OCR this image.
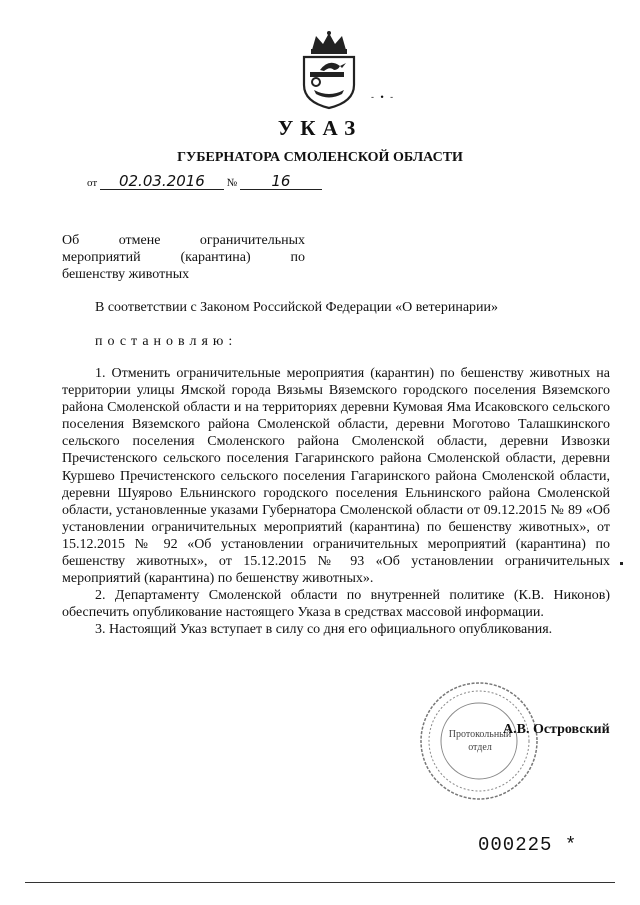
- • -
УКАЗ
ГУБЕРНАТОРА СМОЛЕНСКОЙ ОБЛАСТИ
от 02.03.2016 № 16
Об отмене ограничительных
мероприятий (карантина) по
бешенству животных
В соответствии с Законом Российской Федерации «О ветеринарии»
постановляю:

1. Отменить ограничительные мероприятия (карантин) по бешенству животных на территории улицы Ямской города Вязьмы Вяземского городского поселения Вяземского района Смоленской области и на территориях деревни Кумовая Яма Исаковского сельского поселения Вяземского района Смоленской области, деревни Моготово Талашкинского сельского поселения Смоленского района Смоленской области, деревни Извозки Пречистенского сельского поселения Гагаринского района Смоленской области, деревни Куршево Пречистенского сельского поселения Гагаринского района Смоленской области, деревни Шуярово Ельнинского городского поселения Ельнинского района Смоленской области, установленные указами Губернатора Смоленской области от 09.12.2015 № 89 «Об установлении ограничительных мероприятий (карантина) по бешенству животных», от 15.12.2015 № 92 «Об установлении ограничительных мероприятий (карантина) по бешенству животных», от 15.12.2015 № 93 «Об установлении ограничительных мероприятий (карантина) по бешенству животных».

2. Департаменту Смоленской области по внутренней политике (К.В. Никонов) обеспечить опубликование настоящего Указа в средствах массовой информации.

3. Настоящий Указ вступает в силу со дня его официального опубликования.

Протокольный
отдел
А.В. Островский
000225 *
